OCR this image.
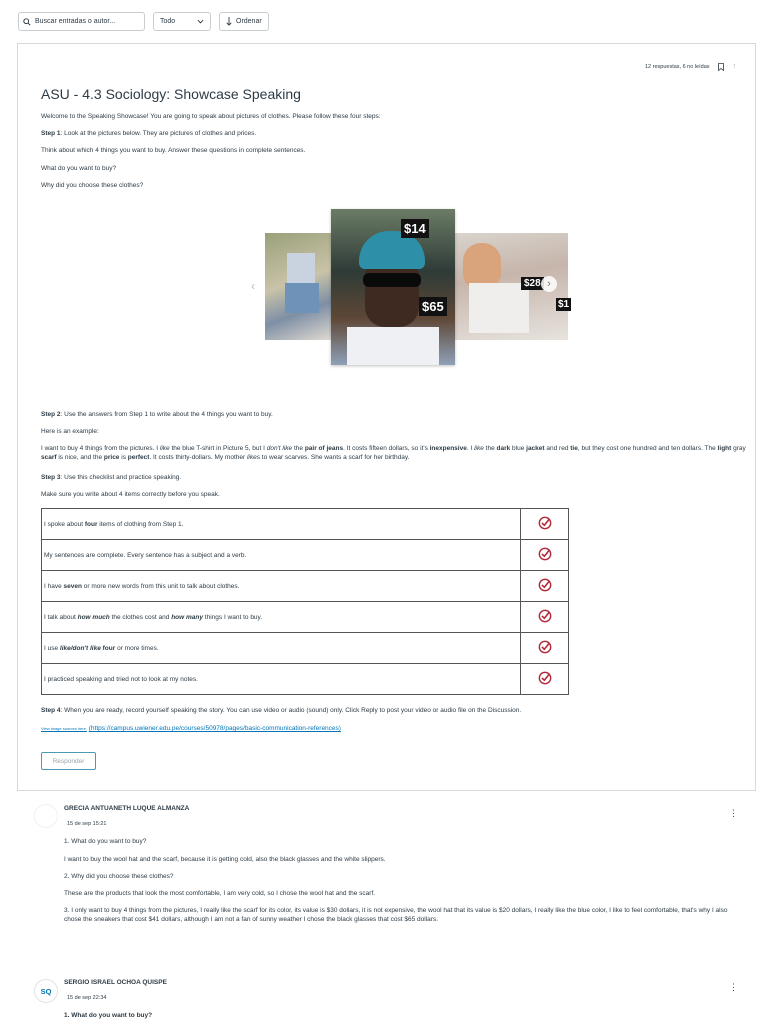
Buscar entradas o autor...	Todo	Ordenar
12 respuestas, 6 no leídas	⋮
ASU - 4.3 Sociology: Showcase Speaking
Welcome to the Speaking Showcase! You are going to speak about pictures of clothes. Please follow these four steps:
Step 1: Look at the pictures below. They are pictures of clothes and prices.
Think about which 4 things you want to buy. Answer these questions in complete sentences.
What do you want to buy?
Why did you choose these clothes?
$28
$1
$14
$65
‹	›
Step 2: Use the answers from Step 1 to write about the 4 things you want to buy.
Here is an example:
I want to buy 4 things from the pictures. I like the blue T-shirt in Picture 5, but I don't like the pair of jeans. It costs fifteen dollars, so it's inexpensive. I like the dark blue jacket and red tie, but they cost one hundred and ten dollars. The light gray scarf is nice, and the price is perfect. It costs thirty-dollars. My mother likes to wear scarves. She wants a scarf for her birthday.
Step 3: Use this checklist and practice speaking.
Make sure you write about 4 items correctly before you speak.
I spoke about four items of clothing from Step 1.	
My sentences are complete. Every sentence has a subject and a verb.	
I have seven or more new words from this unit to talk about clothes.	
I talk about how much the clothes cost and how many things I want to buy.	
I use like/don't like four or more times.	
I practiced speaking and tried not to look at my notes.	
Step 4: When you are ready, record yourself speaking the story. You can use video or audio (sound) only. Click Reply to post your video or audio file on the Discussion.
View image sources here. (https://campus.uwiener.edu.pe/courses/50978/pages/basic-communication-references)
Responder
GRECIA ANTUANETH LUQUE ALMANZA
15 de sep 15:21
⋮
1. What do you want to buy?
I want to buy the wool hat and the scarf, because it is getting cold, also the black glasses and the white slippers.
2. Why did you choose these clothes?
These are the products that look the most comfortable, I am very cold, so I chose the wool hat and the scarf.
3. I only want to buy 4 things from the pictures, I really like the scarf for its color, its value is $30 dollars, it is not expensive, the wool hat that its value is $20 dollars, I really like the blue color, I like to feel comfortable, that's why I also chose the sneakers that cost $41 dollars, although I am not a fan of sunny weather I chose the black glasses that cost $65 dollars.
SQ
SERGIO ISRAEL OCHOA QUISPE
15 de sep 22:34
⋮
1. What do you want to buy?
